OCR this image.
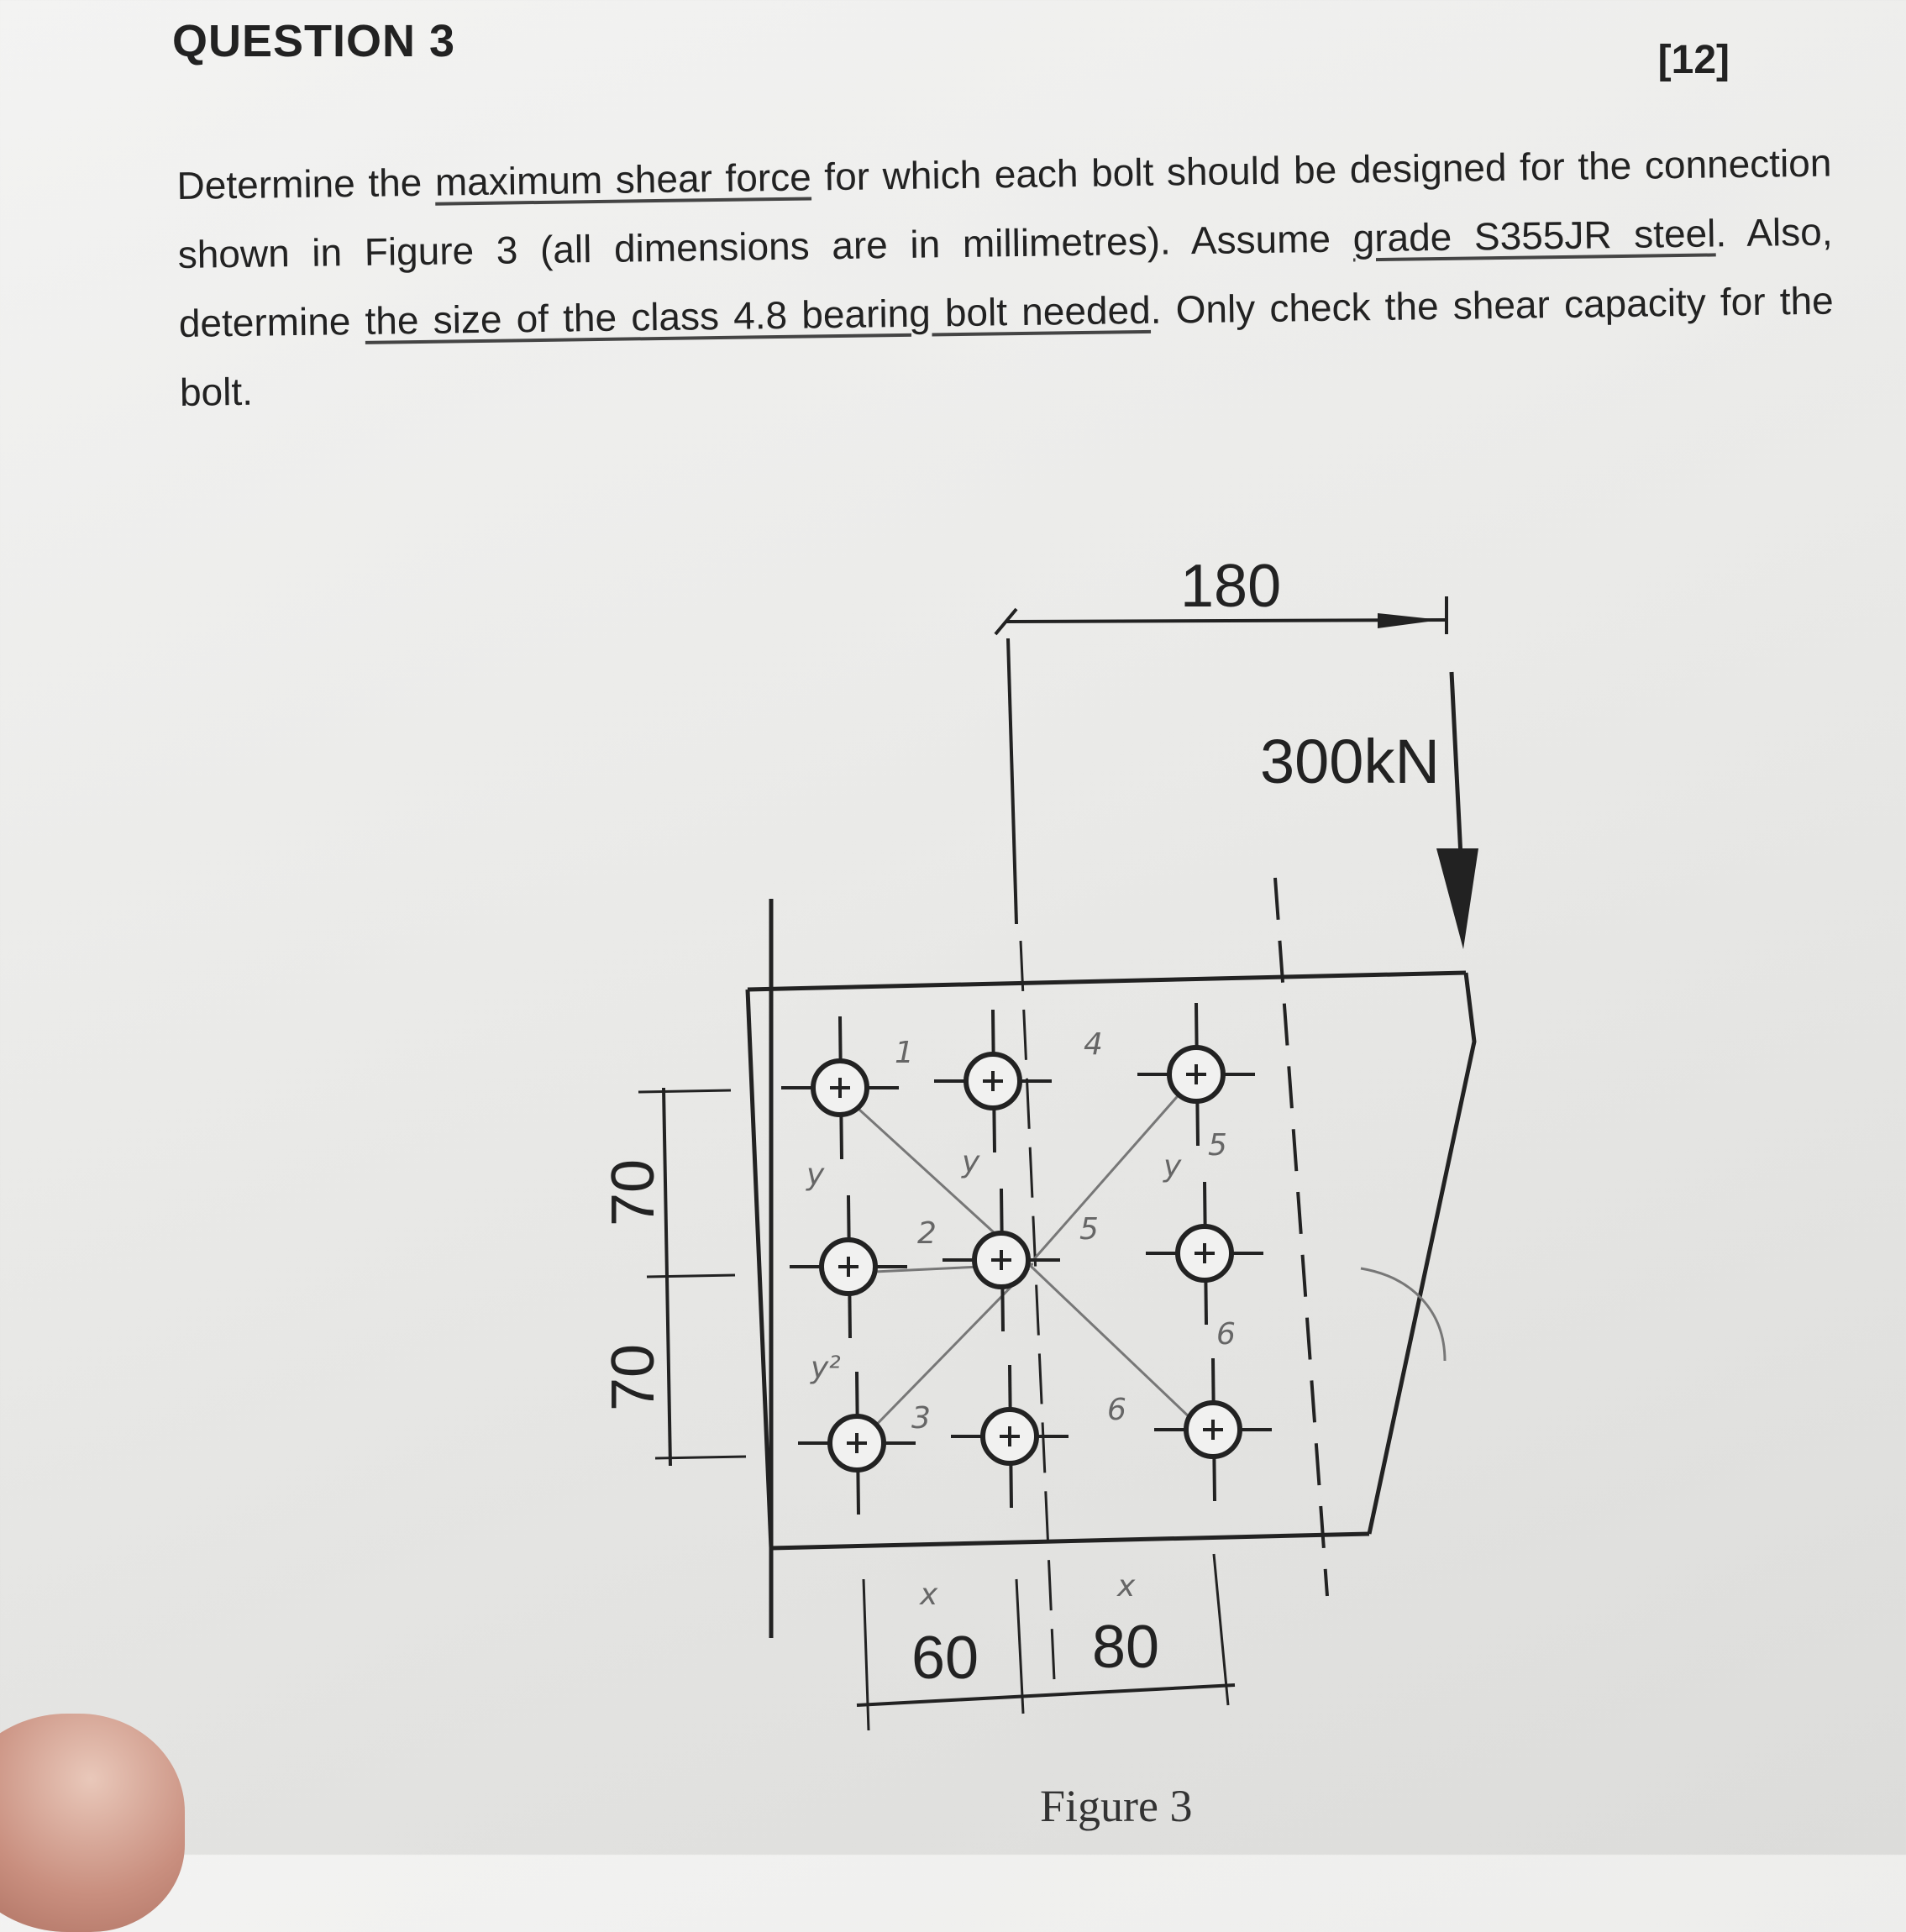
QUESTION 3	[12]
Determine the maximum shear force for which each bolt should be designed for the connection shown in Figure 3 (all dimensions are in millimetres). Assume grade S355JR steel. Also, determine the size of the class 4.8 bearing bolt needed. Only check the shear capacity for the bolt.
180
300kN
70
70
60 80
Figure 3
1
2
3
4
5
6
5
6
y
y²
y	y
x	x
